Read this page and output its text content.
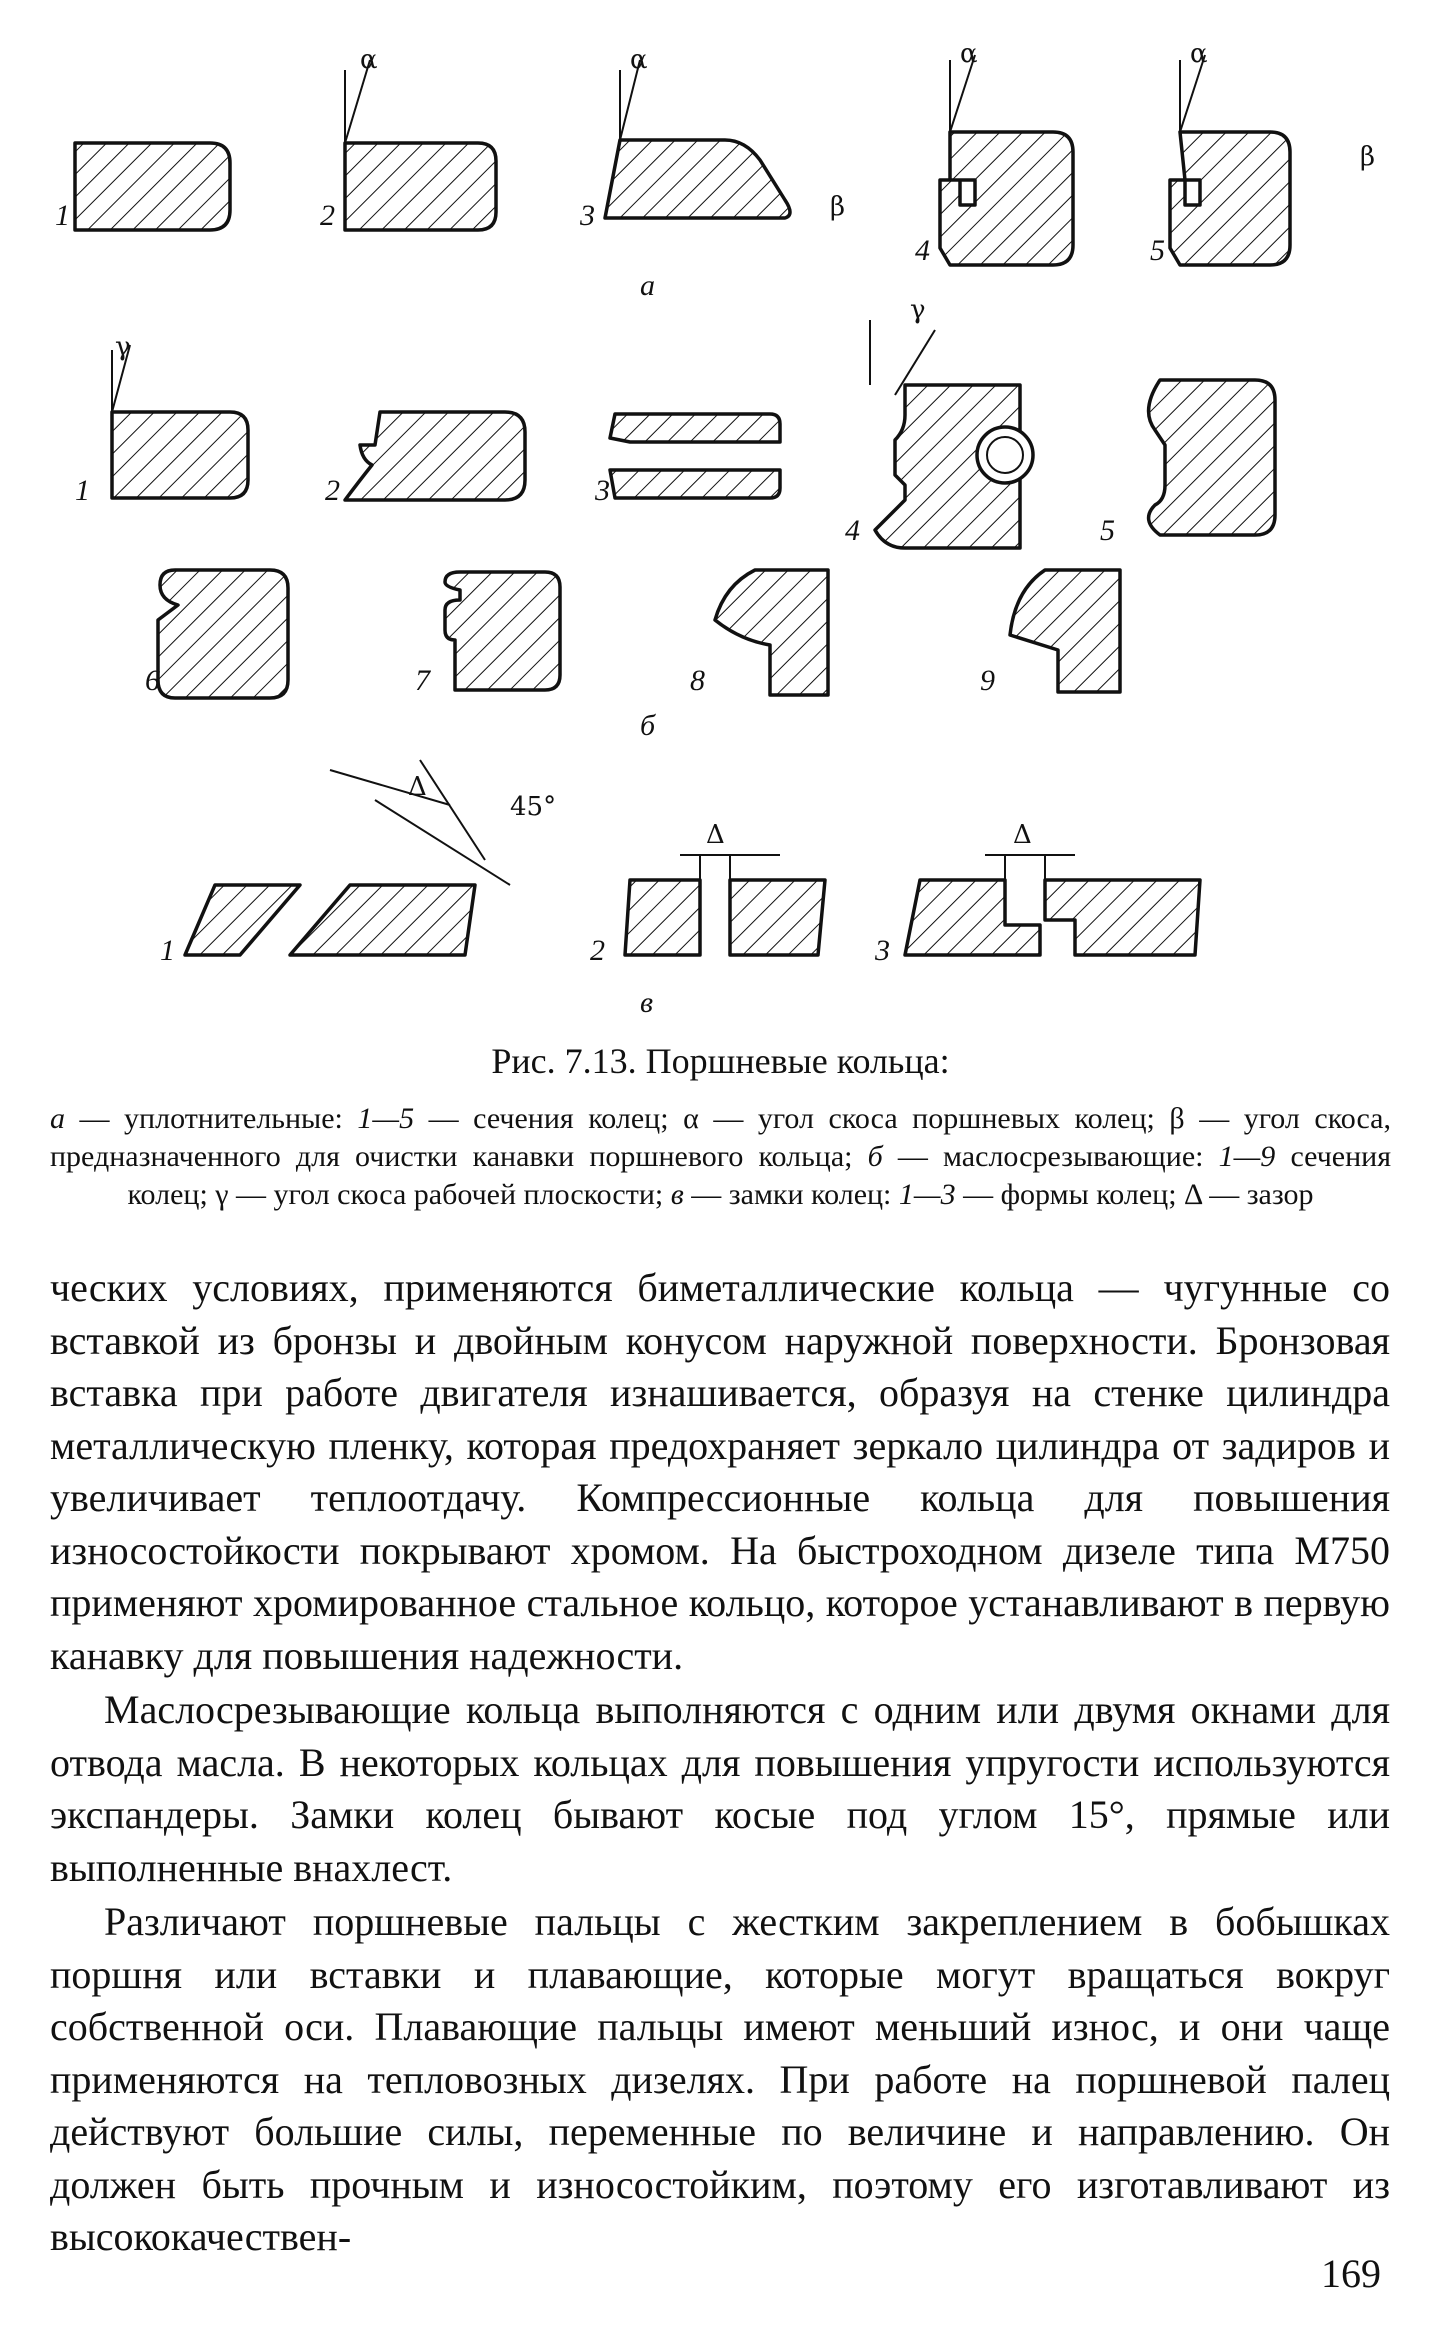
1	2	3
4	5
а
α	α	α	α
β
β
1	2	3
4	5
6	7	8	9
б
γ
γ
1	2	3
в
Δ
45°
Δ	Δ
Рис. 7.13. Поршневые кольца:
а — уплотнительные: 1—5 — сечения колец; α — угол скоса поршневых колец; β — угол скоса, предназначенного для очистки канавки поршневого кольца; б — маслосрезывающие: 1—9 сечения колец; γ — угол скоса рабочей плоскости; в — замки колец: 1—3 — формы колец; Δ — зазор

ческих условиях, применяются биметаллические кольца — чугунные со вставкой из бронзы и двойным конусом наружной поверхности. Бронзовая вставка при работе двигателя изнашивается, образуя на стенке цилиндра металлическую пленку, которая предохраняет зеркало цилиндра от задиров и увеличивает теплоотдачу. Компрессионные кольца для повышения износостойкости покрывают хромом. На быстроходном дизеле типа М750 применяют хромированное стальное кольцо, которое устанавливают в первую канавку для повышения надежности.

Маслосрезывающие кольца выполняются с одним или двумя окнами для отвода масла. В некоторых кольцах для повышения упругости используются экспандеры. Замки колец бывают косые под углом 15°, прямые или выполненные внахлест.

Различают поршневые пальцы с жестким закреплением в бобышках поршня или вставки и плавающие, которые могут вращаться вокруг собственной оси. Плавающие пальцы имеют меньший износ, и они чаще применяются на тепловозных дизелях. При работе на поршневой палец действуют большие силы, переменные по величине и направлению. Он должен быть прочным и износостойким, поэтому его изготавливают из высококачествен-

169
